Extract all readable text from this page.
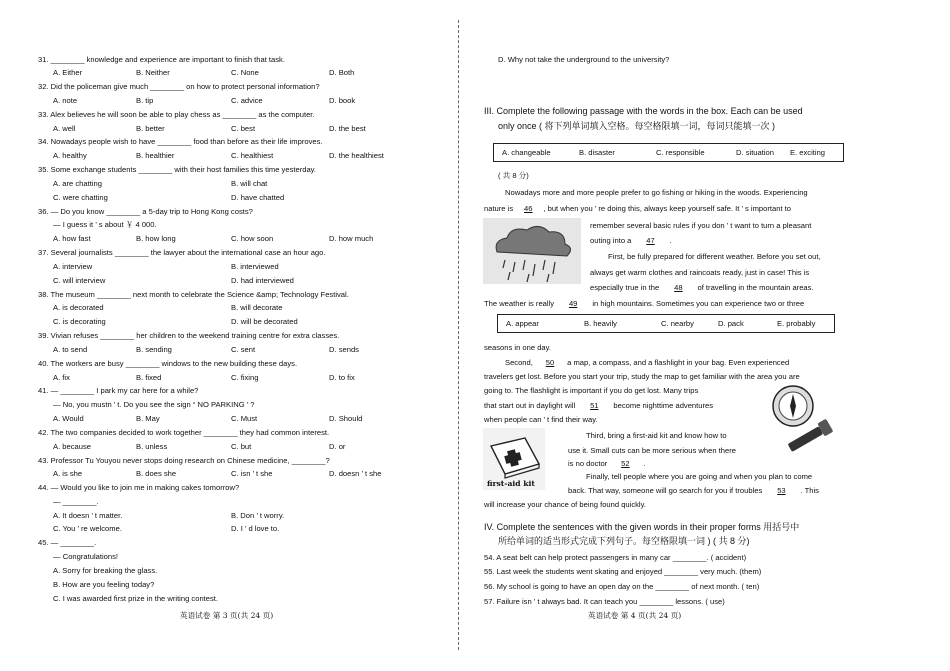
31. ________ knowledge and experience are important to finish that task.
A. Either	B. Neither	C. None	D. Both
32. Did the policeman give much ________ on how to protect personal information?
A. note	B. tip	C. advice	D. book
33. Alex believes he will soon be able to play chess as ________ as the computer.
A. well	B. better	C. best	D. the best
34. Nowadays people wish to have ________ food than before as their life improves.
A. healthy	B. healthier	C. healthiest	D. the healthiest
35. Some exchange students ________ with their host families this time yesterday.
A. are chatting	B. will chat
C. were chatting	D. have chatted
36. — Do you know ________ a 5-day trip to Hong Kong costs?
— I guess it ’ s about ￥ 4 000.
A. how fast	B. how long	C. how soon	D. how much
37. Several journalists ________ the lawyer about the international case an hour ago.
A. interview	B. interviewed
C. will interview	D. had interviewed
38. The museum ________ next month to celebrate the Science &amp; Technology Festival.
A. is decorated	B. will decorate
C. is decorating	D. will be decorated
39. Vivian refuses ________ her children to the weekend training centre for extra classes.
A. to send	B. sending	C. sent	D. sends
40. The workers are busy ________ windows to the new building these days.
A. fix	B. fixed	C. fixing	D. to fix
41. — ________ I park my car here for a while?
— No, you mustn ’ t. Do you see the sign “ NO PARKING ’ ?
A. Would	B. May	C. Must	D. Should
42. The two companies decided to work together ________ they had common interest.
A. because	B. unless	C. but	D. or
43. Professor Tu Youyou never stops doing research on Chinese medicine, ________?
A. is she	B. does she	C. isn ’ t she	D. doesn ’ t she
44. — Would you like to join me in making cakes tomorrow?
— ________.
A. It doesn ’ t matter.	B. Don ’ t worry.
C. You ’ re welcome.	D. I ’ d love to.
45. — ________.
— Congratulations!
A. Sorry for breaking the glass.
B. How are you feeling today?
C. I was awarded first prize in the writing contest.
英语试卷 第 3 页(共 24 页)
D. Why not take the underground to the university?
III. Complete the following passage with the words in the box. Each can be used
only once ( 将下列单词填入空格。每空格限填一词，每词只能填一次 )
A. changeable	B. disaster	C. responsible	D. situation E. exciting
( 共 8 分)
Nowadays more and more people prefer to go fishing or hiking in the woods. Experiencing
nature is 46 , but when you ’ re doing this, always keep yourself safe. It ’ s important to
remember several basic rules if you don ’ t want to turn a pleasant
outing into a 47 .
First, be fully prepared for different weather. Before you set out,
always get warm clothes and raincoats ready, just in case! This is
especially true in the 48 of travelling in the mountain areas.
The weather is really 49 in high mountains. Sometimes you can experience two or three
A. appear	B. heavily	C. nearby	D. pack	E. probably
seasons in one day.
Second, 50 a map, a compass, and a flashlight in your bag. Even experienced
travelers get lost. Before you start your trip, study the map to get familiar with the area you are
going to. The flashlight is important if you do get lost. Many trips
that start out in daylight will 51 become nighttime adventures
when people can ’ t find their way.
first-aid kit
Third, bring a first-aid kit and know how to
use it. Small cuts can be more serious when there
is no doctor 52 .
Finally, tell people where you are going and when you plan to come
back. That way, someone will go search for you if troubles 53 . This
will increase your chance of being found quickly.
IV. Complete the sentences with the given words in their proper forms 用括号中
所给单词的适当形式完成下列句子。每空格限填一词 ) ( 共 8 分)
54. A seat belt can help protect passengers in many car ________. ( accident)
55. Last week the students went skating and enjoyed ________ very much. (them)
56. My school is going to have an open day on the ________ of next month. ( ten)
57. Failure isn ’ t always bad. It can teach you ________ lessons. ( use)
英语试卷 第 4 页(共 24 页)
